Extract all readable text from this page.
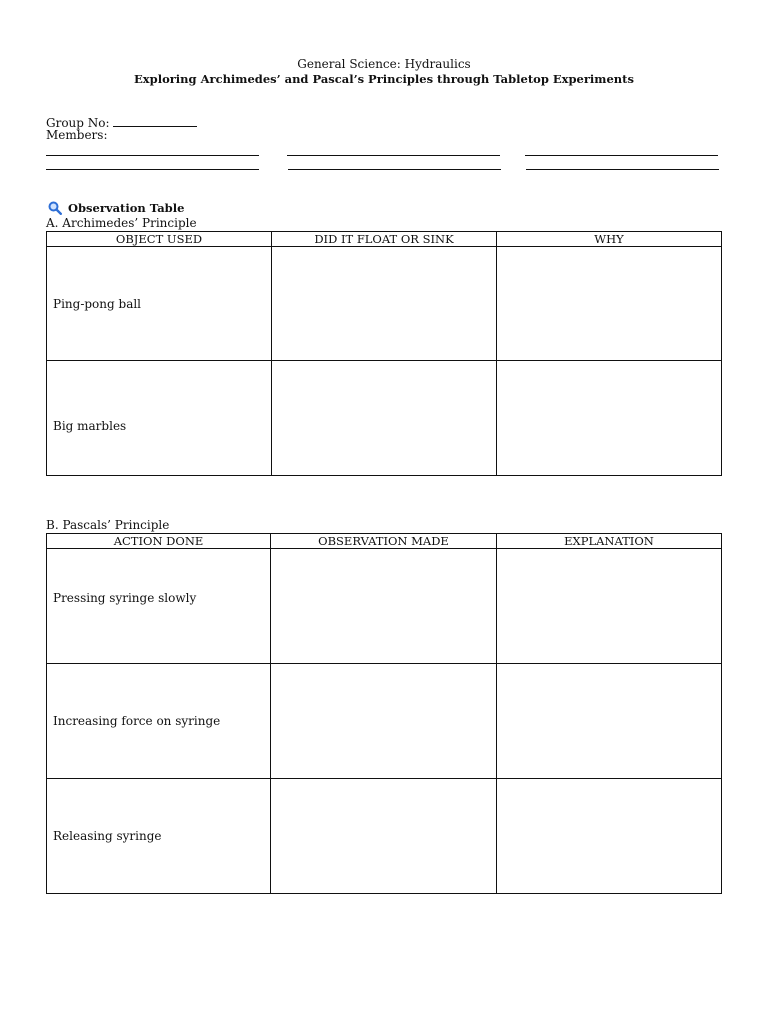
General Science: Hydraulics
Exploring Archimedes’ and Pascal’s Principles through Tabletop Experiments
Group No:
Members:
Observation Table
A. Archimedes’ Principle
OBJECT USED	DID IT FLOAT OR SINK	WHY
Ping-pong ball		
Big marbles		
B. Pascals’ Principle
ACTION DONE	OBSERVATION MADE	EXPLANATION
Pressing syringe slowly		
Increasing force on syringe		
Releasing syringe		
